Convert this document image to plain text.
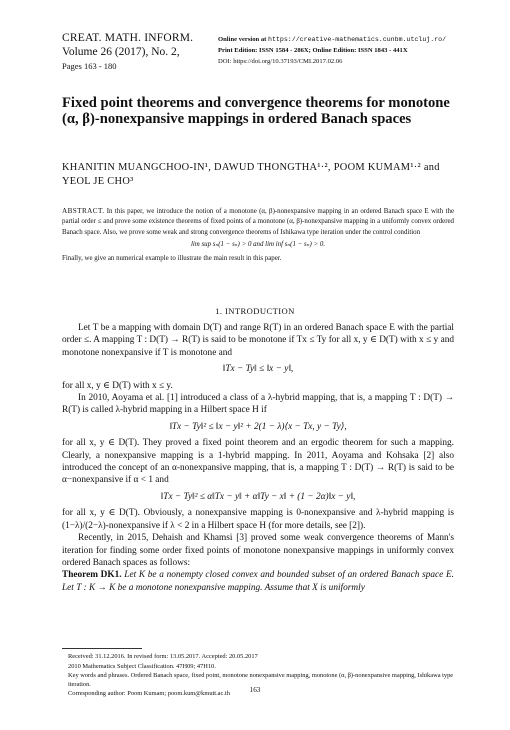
CREAT. MATH. INFORM.
Volume 26 (2017), No. 2,
Pages 163 - 180
Online version at https://creative-mathematics.cunbm.utcluj.ro/
Print Edition: ISSN 1584 - 286X; Online Edition: ISSN 1843 - 441X
DOI: https://doi.org/10.37193/CMI.2017.02.06
Fixed point theorems and convergence theorems for monotone (α, β)-nonexpansive mappings in ordered Banach spaces
KHANITIN MUANGCHOO-IN¹, DAWUD THONGTHA¹·², POOM KUMAM¹·² and YEOL JE CHO³
ABSTRACT. In this paper, we introduce the notion of a monotone (α, β)-nonexpansive mapping in an ordered Banach space E with the partial order ≤ and prove some existence theorems of fixed points of a monotone (α, β)-nonexpansive mapping in a uniformly convex ordered Banach space. Also, we prove some weak and strong convergence theorems of Ishikawa type iteration under the control condition
lim sup sₙ(1 − sₙ) > 0 and lim inf sₙ(1 − sₙ) > 0.
Finally, we give an numerical example to illustrate the main result in this paper.
1. INTRODUCTION

Let T be a mapping with domain D(T) and range R(T) in an ordered Banach space E with the partial order ≤. A mapping T : D(T) → R(T) is said to be monotone if Tx ≤ Ty for all x, y ∈ D(T) with x ≤ y and monotone nonexpansive if T is monotone and

‖Tx − Ty‖ ≤ ‖x − y‖,

for all x, y ∈ D(T) with x ≤ y.

In 2010, Aoyama et al. [1] introduced a class of a λ-hybrid mapping, that is, a mapping T : D(T) → R(T) is called λ-hybrid mapping in a Hilbert space H if

‖Tx − Ty‖² ≤ ‖x − y‖² + 2(1 − λ)⟨x − Tx, y − Ty⟩,

for all x, y ∈ D(T). They proved a fixed point theorem and an ergodic theorem for such a mapping. Clearly, a nonexpansive mapping is a 1-hybrid mapping. In 2011, Aoyama and Kohsaka [2] also introduced the concept of an α-nonexpansive mapping, that is, a mapping T : D(T) → R(T) is said to be α−nonexpansive if α < 1 and

‖Tx − Ty‖² ≤ α‖Tx − y‖ + α‖Ty − x‖ + (1 − 2α)‖x − y‖,

for all x, y ∈ D(T). Obviously, a nonexpansive mapping is 0-nonexpansive and λ-hybrid mapping is (1−λ)/(2−λ)-nonexpansive if λ < 2 in a Hilbert space H (for more details, see [2]).

Recently, in 2015, Dehaish and Khamsi [3] proved some weak convergence theorems of Mann's iteration for finding some order fixed points of monotone nonexpansive mappings in uniformly convex ordered Banach spaces as follows:

Theorem DK1. Let K be a nonempty closed convex and bounded subset of an ordered Banach space E. Let T : K → K be a monotone nonexpansive mapping. Assume that X is uniformly

Received: 31.12.2016. In revised form: 13.05.2017. Accepted: 20.05.2017

2010 Mathematics Subject Classification. 47H09; 47H10.

Key words and phrases. Ordered Banach space, fixed point, monotone nonexpansive mapping, monotone (α, β)-nonexpansive mapping, Ishikawa type iteration.

Corresponding author: Poom Kumam; poom.kum@kmutt.ac.th	163
